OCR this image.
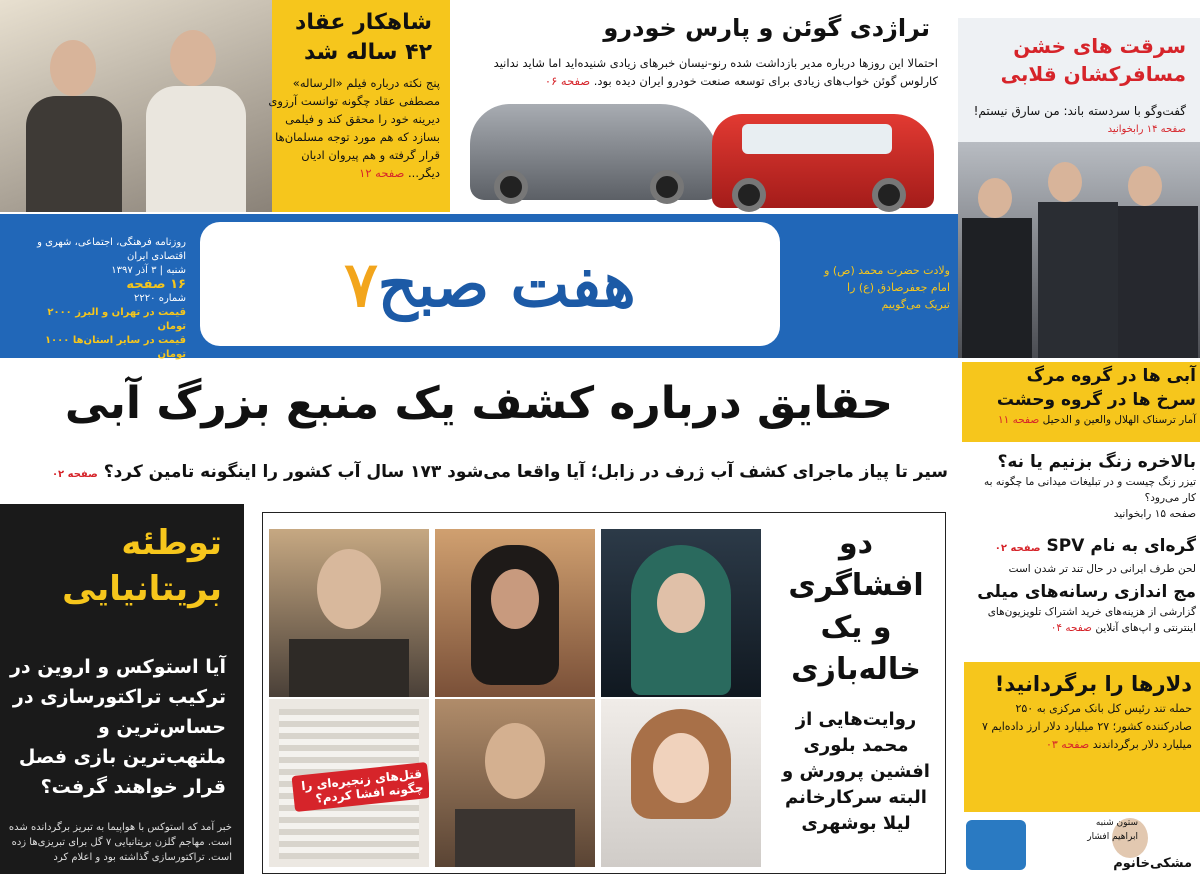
شاهکار عقاد
۴۲ ساله شد
پنج نکته درباره فیلم «الرساله» مصطفی عقاد چگونه توانست آرزوی دیرینه خود را محقق کند و فیلمی بسازد که هم مورد توجه مسلمان‌ها قرار گرفته و هم پیروان ادیان دیگر... صفحه ۱۲
تراژدی گوئن و پارس خودرو
احتمالا این روزها درباره مدیر بازداشت شده رنو-نیسان خبرهای زیادی شنیده‌اید اما شاید ندانید کارلوس گوئن خواب‌های زیادی برای توسعه صنعت خودرو ایران دیده بود. صفحه ۰۶
سرقت های خشن
مسافرکشان قلابی
گفت‌وگو با سردسته باند: من سارق نیستم!
صفحه ۱۴ رابخوانید
روزنامه فرهنگی، اجتماعی، شهری و اقتصادی ایران
شنبه | ۳ آذر ۱۳۹۷
۱۶ صفحه
شماره ۲۲۲۰
قیمت در تهران و البرز ۲۰۰۰ تومان
قیمت در سایر استان‌ها ۱۰۰۰ تومان
هفت صبح
۷	ولادت حضرت محمد (ص) و امام جعفرصادق (ع) را تبریک می‌گوییم
حقایق درباره کشف یک منبع بزرگ آبی
سیر تا پیاز ماجرای کشف آب ژرف در زابل؛ آیا واقعا می‌شود ۱۷۳ سال آب کشور را اینگونه تامین کرد؟ صفحه ۰۲
توطئه بریتانیایی
آیا استوکس و اروین در ترکیب تراکتورسازی در حساس‌ترین و ملتهب‌ترین بازی فصل قرار خواهند گرفت؟
خبر آمد که استوکس با هواپیما به تبریز برگردانده شده است. مهاجم گلزن بریتانیایی ۷ گل برای تبریزی‌ها زده است. تراکتورسازی گذاشته بود و اعلام کرد
قتل‌های زنجیره‌ای را چگونه افشا کردم؟
دو افشاگری و یک خاله‌بازی
روایت‌هایی از محمد بلوری افشین پرورش و البته سرکارخانم لیلا بوشهری
آبی ها در گروه مرگ
سرخ ها در گروه وحشت
آمار ترسناک الهلال والعین و الدحیل صفحه ۱۱
بالاخره زنگ بزنیم یا نه؟
تیزر زنگ چیست و در تبلیغات میدانی ما چگونه به کار می‌رود؟
صفحه ۱۵ رابخوانید
گره‌ای به نام SPV صفحه ۰۲
لحن طرف ایرانی در حال تند تر شدن است
مج اندازی رسانه‌های میلی
گزارشی از هزینه‌های خرید اشتراک تلویزیون‌های اینترنتی و اپ‌های آنلاین صفحه ۰۴
دلارها را برگردانید!
حمله تند رئیس کل بانک مرکزی به ۲۵۰ صادرکننده کشور؛ ۲۷ میلیارد دلار ارز داده‌ایم ۷ میلیارد دلار برگرداندند صفحه ۰۳
ستون شنبه
ابراهیم افشار
مشکی‌خانوم
